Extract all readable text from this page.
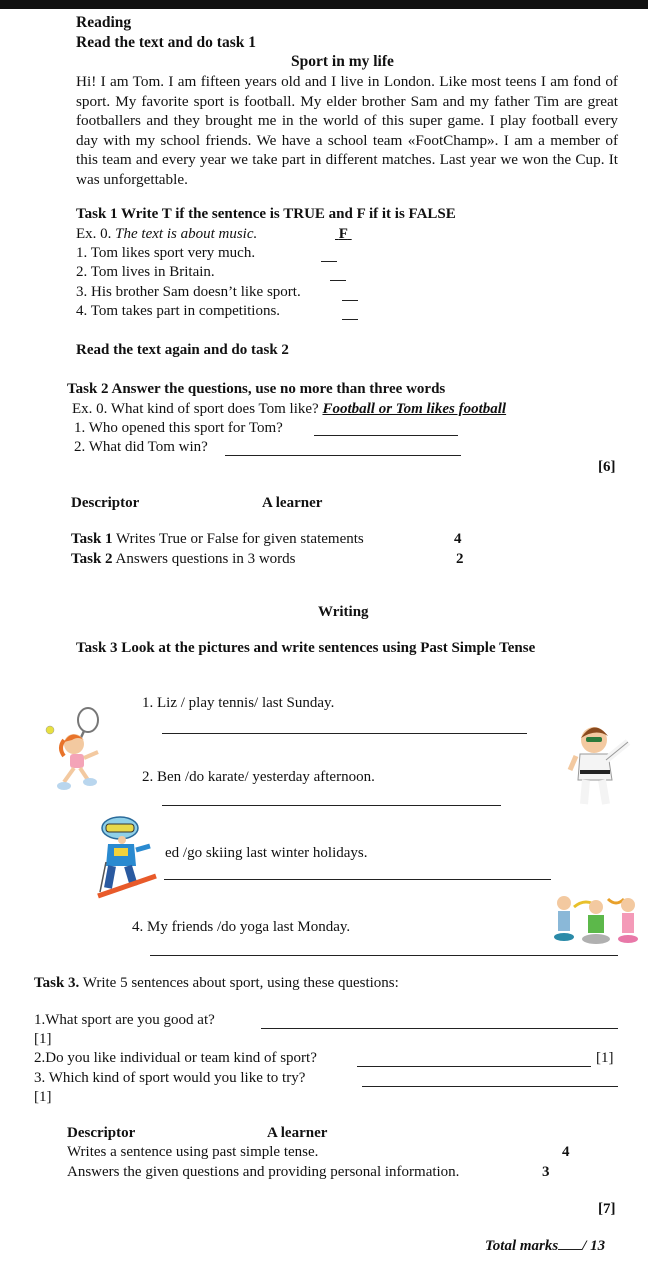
Reading
Read the text and do task 1
Sport in my life
Hi! I am Tom. I am fifteen years old and I live in London. Like most teens I am fond of sport. My favorite sport is football. My elder brother Sam and my father Tim are great footballers and they brought me in the world of this super game. I play football every day with my school friends. We have a school team «FootChamp». I am a member of this team and every year we take part in different matches. Last year we won the Cup. It was unforgettable.
Task 1 Write T if the sentence is TRUE and F if it is FALSE
Ex. 0. The text is about music.	F
1. Tom likes sport very much.
2. Tom lives in Britain.
3. His brother Sam doesn’t like sport.
4. Tom takes part in competitions.
Read the text again and do task 2
Task 2 Answer the questions, use no more than three words
Ex. 0. What kind of sport does Tom like? Football or Tom likes football
1. Who opened this sport for Tom?
2. What did Tom win?
[6]
Descriptor	A learner
Task 1 Writes True or False for given statements	4
Task 2 Answers questions in 3 words	2
Writing
Task 3 Look at the pictures and write sentences using Past Simple Tense
1. Liz / play tennis/ last Sunday.
2. Ben /do karate/ yesterday afternoon.
ed /go skiing last winter holidays.
4. My friends /do yoga last Monday.
Task 3. Write 5 sentences about sport, using these questions:
1.What sport are you good at?
[1]
2.Do you like individual or team kind of sport?	[1]
3. Which kind of sport would you like to try?
[1]
Descriptor	A learner
Writes a sentence using past simple tense.	4
Answers the given questions and providing personal information.	3
[7]
Total marks / 13
